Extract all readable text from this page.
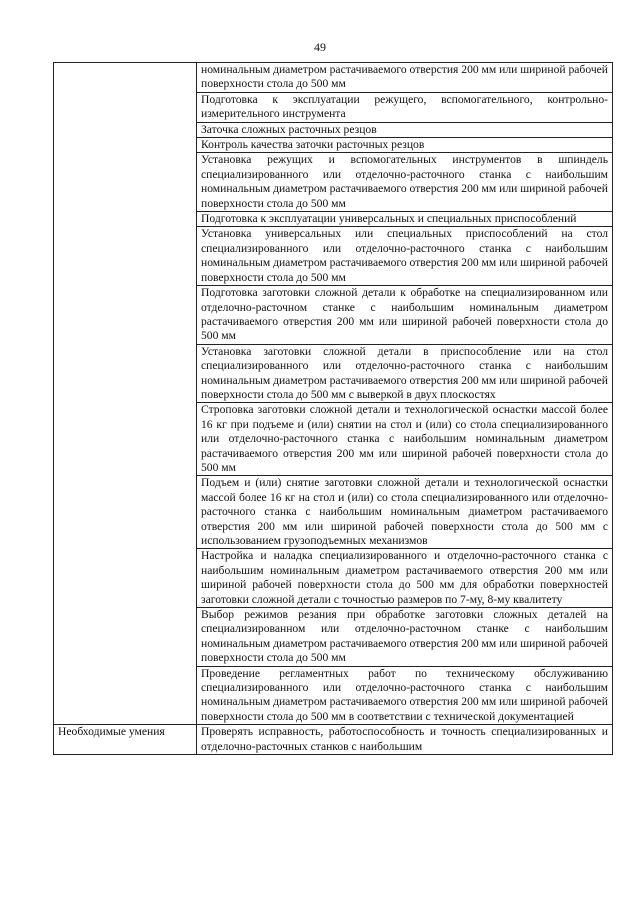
49

	номинальным диаметром растачиваемого отверстия 200 мм или шириной рабочей поверхности стола до 500 мм

	Подготовка к эксплуатации режущего, вспомогательного, контрольно-измерительного инструмента

	Заточка сложных расточных резцов

	Контроль качества заточки расточных резцов

	Установка режущих и вспомогательных инструментов в шпиндель специализированного или отделочно-расточного станка с наибольшим номинальным диаметром растачиваемого отверстия 200 мм или шириной рабочей поверхности стола до 500 мм

	Подготовка к эксплуатации универсальных и специальных приспособлений

	Установка универсальных или специальных приспособлений на стол специализированного или отделочно-расточного станка с наибольшим номинальным диаметром растачиваемого отверстия 200 мм или шириной рабочей поверхности стола до 500 мм

	Подготовка заготовки сложной детали к обработке на специализированном или отделочно-расточном станке с наибольшим номинальным диаметром растачиваемого отверстия 200 мм или шириной рабочей поверхности стола до 500 мм

	Установка заготовки сложной детали в приспособление или на стол специализированного или отделочно-расточного станка с наибольшим номинальным диаметром растачиваемого отверстия 200 мм или шириной рабочей поверхности стола до 500 мм с выверкой в двух плоскостях

	Строповка заготовки сложной детали и технологической оснастки массой более 16 кг при подъеме и (или) снятии на стол и (или) со стола специализированного или отделочно-расточного станка с наибольшим номинальным диаметром растачиваемого отверстия 200 мм или шириной рабочей поверхности стола до 500 мм

	Подъем и (или) снятие заготовки сложной детали и технологической оснастки массой более 16 кг на стол и (или) со стола специализированного или отделочно-расточного станка с наибольшим номинальным диаметром растачиваемого отверстия 200 мм или шириной рабочей поверхности стола до 500 мм с использованием грузоподъемных механизмов

	Настройка и наладка специализированного и отделочно-расточного станка с наибольшим номинальным диаметром растачиваемого отверстия 200 мм или шириной рабочей поверхности стола до 500 мм для обработки поверхностей заготовки сложной детали с точностью размеров по 7-му, 8-му квалитету

	Выбор режимов резания при обработке заготовки сложных деталей на специализированном или отделочно-расточном станке с наибольшим номинальным диаметром растачиваемого отверстия 200 мм или шириной рабочей поверхности стола до 500 мм

	Проведение регламентных работ по техническому обслуживанию специализированного или отделочно-расточного станка с наибольшим номинальным диаметром растачиваемого отверстия 200 мм или шириной рабочей поверхности стола до 500 мм в соответствии с технической документацией

Необходимые умения	Проверять исправность, работоспособность и точность специализированных и отделочно-расточных станков с наибольшим
